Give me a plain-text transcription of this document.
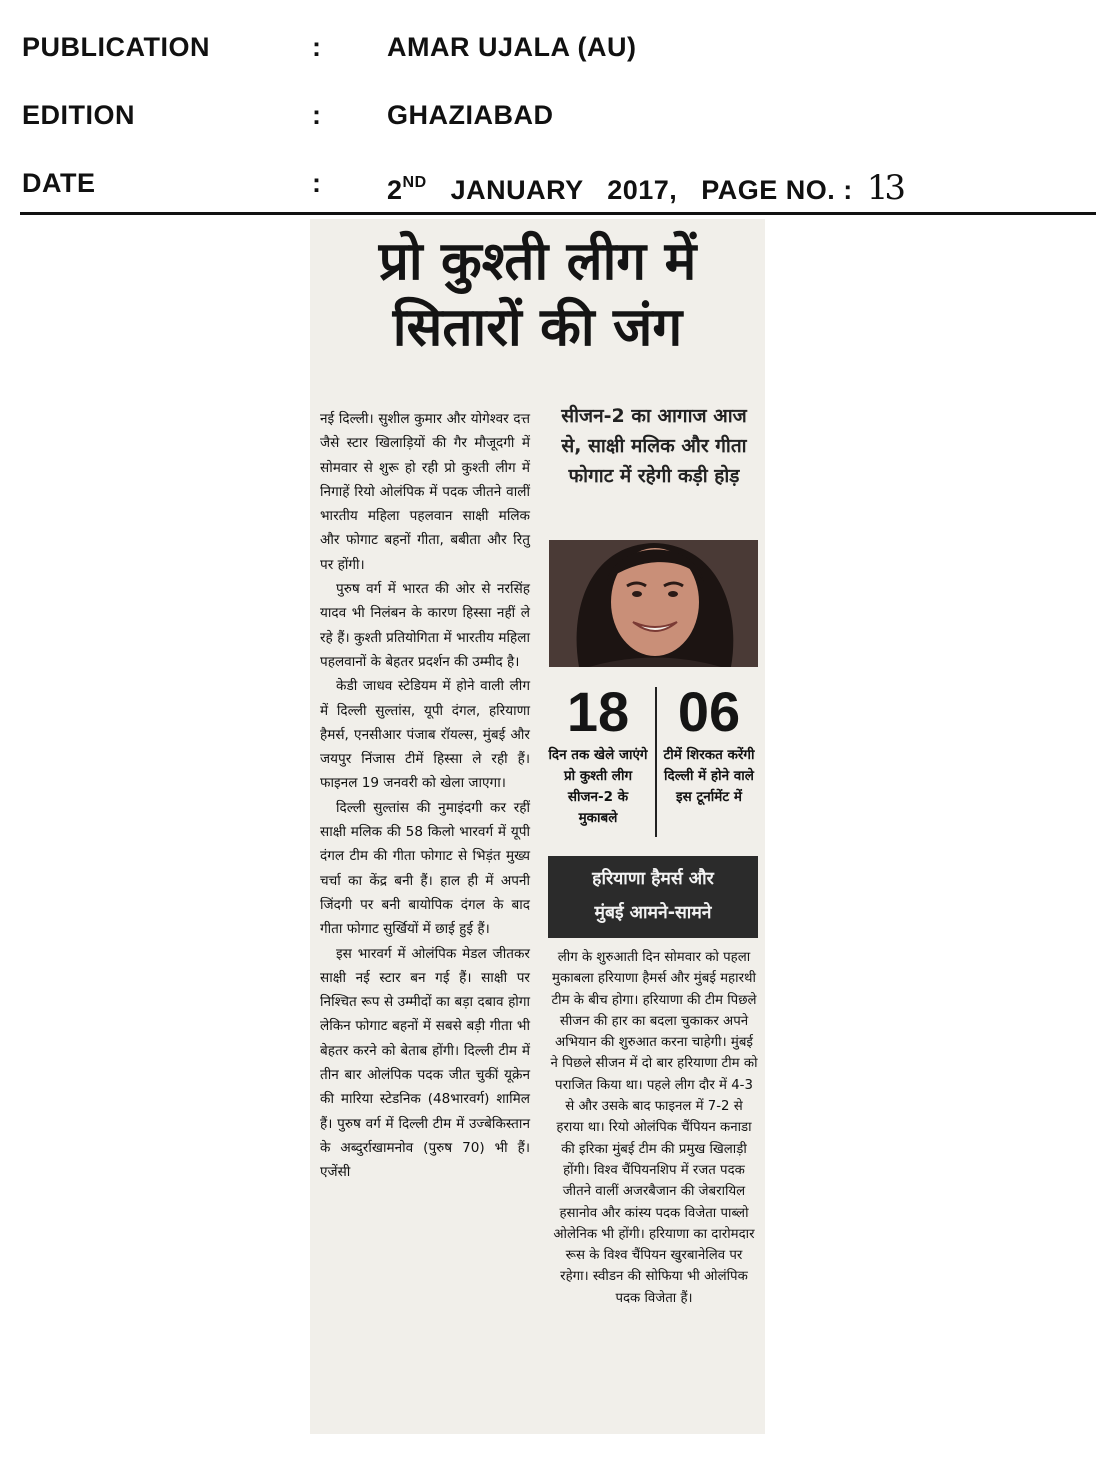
PUBLICATION	: AMAR UJALA (AU)
EDITION	: GHAZIABAD
DATE	: 2ND JANUARY   2017,   PAGE NO. : 13
प्रो कुश्ती लीग में
सितारों की जंग

नई दिल्ली। सुशील कुमार और योगेश्वर दत्त जैसे स्टार खिलाड़ियों की गैर मौजूदगी में सोमवार से शुरू हो रही प्रो कुश्ती लीग में निगाहें रियो ओलंपिक में पदक जीतने वालीं भारतीय महिला पहलवान साक्षी मलिक और फोगाट बहनों गीता, बबीता और रितु पर होंगी।

पुरुष वर्ग में भारत की ओर से नरसिंह यादव भी निलंबन के कारण हिस्सा नहीं ले रहे हैं। कुश्ती प्रतियोगिता में भारतीय महिला पहलवानों के बेहतर प्रदर्शन की उम्मीद है।

केडी जाधव स्टेडियम में होने वाली लीग में दिल्ली सुल्तांस, यूपी दंगल, हरियाणा हैमर्स, एनसीआर पंजाब रॉयल्स, मुंबई और जयपुर निंजास टीमें हिस्सा ले रही हैं। फाइनल 19 जनवरी को खेला जाएगा।

दिल्ली सुल्तांस की नुमाइंदगी कर रहीं साक्षी मलिक की 58 किलो भारवर्ग में यूपी दंगल टीम की गीता फोगाट से भिड़ंत मुख्य चर्चा का केंद्र बनी हैं। हाल ही में अपनी जिंदगी पर बनी बायोपिक दंगल के बाद गीता फोगाट सुर्खियों में छाई हुई हैं।

इस भारवर्ग में ओलंपिक मेडल जीतकर साक्षी नई स्टार बन गई हैं। साक्षी पर निश्चित रूप से उम्मीदों का बड़ा दबाव होगा लेकिन फोगाट बहनों में सबसे बड़ी गीता भी बेहतर करने को बेताब होंगी। दिल्ली टीम में तीन बार ओलंपिक पदक जीत चुकीं यूक्रेन की मारिया स्टेडनिक (48भारवर्ग) शामिल हैं। पुरुष वर्ग में दिल्ली टीम में उज्बेकिस्तान के अब्दुर्राखामनोव (पुरुष 70) भी हैं। एजेंसी

सीजन-2 का आगाज आज से, साक्षी मलिक और गीता फोगाट में रहेगी कड़ी होड़
18
दिन तक खेले जाएंगे प्रो कुश्ती लीग सीजन-2 के मुकाबले
06
टीमें शिरकत करेंगी दिल्ली में होने वाले इस टूर्नामेंट में
हरियाणा हैमर्स और
मुंबई आमने-सामने

लीग के शुरुआती दिन सोमवार को पहला मुकाबला हरियाणा हैमर्स और मुंबई महारथी टीम के बीच होगा। हरियाणा की टीम पिछले सीजन की हार का बदला चुकाकर अपने अभियान की शुरुआत करना चाहेगी। मुंबई ने पिछले सीजन में दो बार हरियाणा टीम को पराजित किया था। पहले लीग दौर में 4-3 से और उसके बाद फाइनल में 7-2 से हराया था। रियो ओलंपिक चैंपियन कनाडा की इरिका मुंबई टीम की प्रमुख खिलाड़ी होंगी। विश्व चैंपियनशिप में रजत पदक जीतने वालीं अजरबैजान की जेबरायिल हसानोव और कांस्य पदक विजेता पाब्लो ओलेनिक भी होंगी। हरियाणा का दारोमदार रूस के विश्व चैंपियन खुरबानेलिव पर रहेगा। स्वीडन की सोफिया भी ओलंपिक पदक विजेता हैं।
